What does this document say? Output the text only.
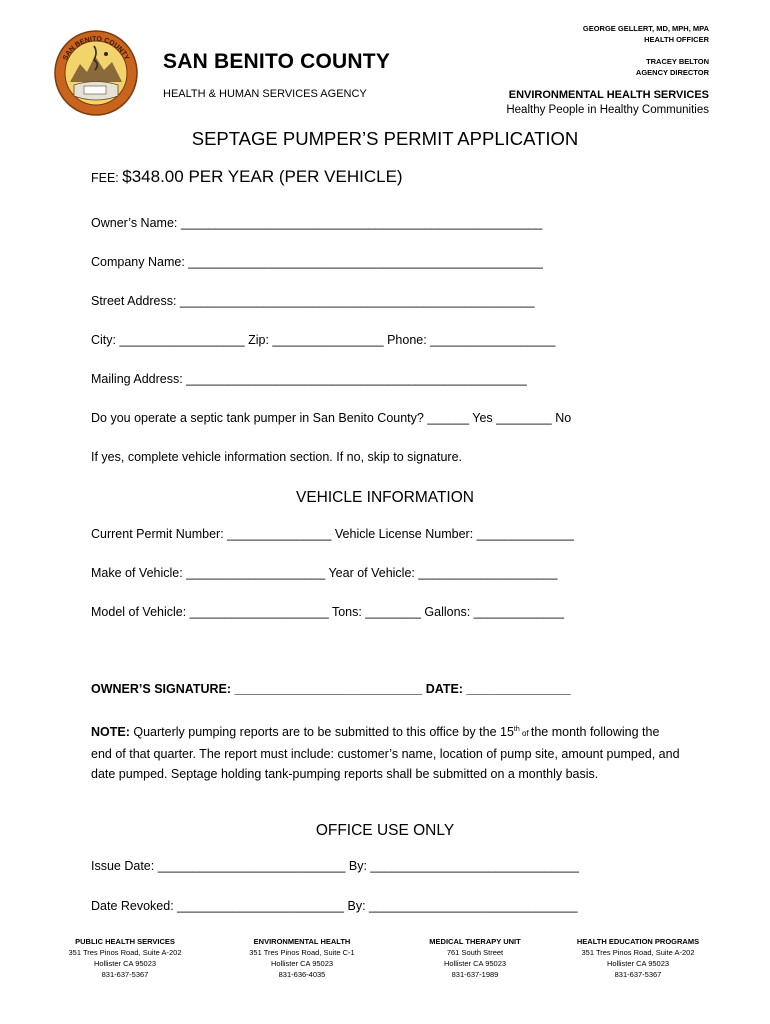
SAN BENITO COUNTY
GEORGE GELLERT, MD, MPH, MPA
HEALTH OFFICER
TRACEY BELTON
AGENCY DIRECTOR
SAN BENITO COUNTY
HEALTH & HUMAN SERVICES AGENCY	ENVIRONMENTAL HEALTH SERVICES
Healthy People in Healthy Communities
SEPTAGE PUMPER’S PERMIT APPLICATION
FEE: $348.00 PER YEAR (PER VEHICLE)
Owner’s Name: ____________________________________________________
Company Name: ___________________________________________________
Street Address: ___________________________________________________
City: __________________ Zip: ________________ Phone: __________________
Mailing Address: _________________________________________________
Do you operate a septic tank pumper in San Benito County? ______ Yes ________ No
If yes, complete vehicle information section. If no, skip to signature.
VEHICLE INFORMATION
Current Permit Number: _______________ Vehicle License Number: ______________
Make of Vehicle: ____________________ Year of Vehicle: ____________________
Model of Vehicle: ____________________ Tons: ________ Gallons: _____________
OWNER’S SIGNATURE: ___________________________ DATE: _______________
NOTE: Quarterly pumping reports are to be submitted to this office by the 15th of the month following the end of that quarter. The report must include: customer’s name, location of pump site, amount pumped, and date pumped. Septage holding tank-pumping reports shall be submitted on a monthly basis.
OFFICE USE ONLY
Issue Date: ___________________________ By: ______________________________
Date Revoked: ________________________ By: ______________________________
PUBLIC HEALTH SERVICES
351 Tres Pinos Road, Suite A-202
Hollister CA 95023
831-637-5367
ENVIRONMENTAL HEALTH
351 Tres Pinos Road, Suite C-1
Hollister CA 95023
831-636-4035
MEDICAL THERAPY UNIT
761 South Street
Hollister CA 95023
831-637-1989
HEALTH EDUCATION PROGRAMS
351 Tres Pinos Road, Suite A-202
Hollister CA 95023
831-637-5367
